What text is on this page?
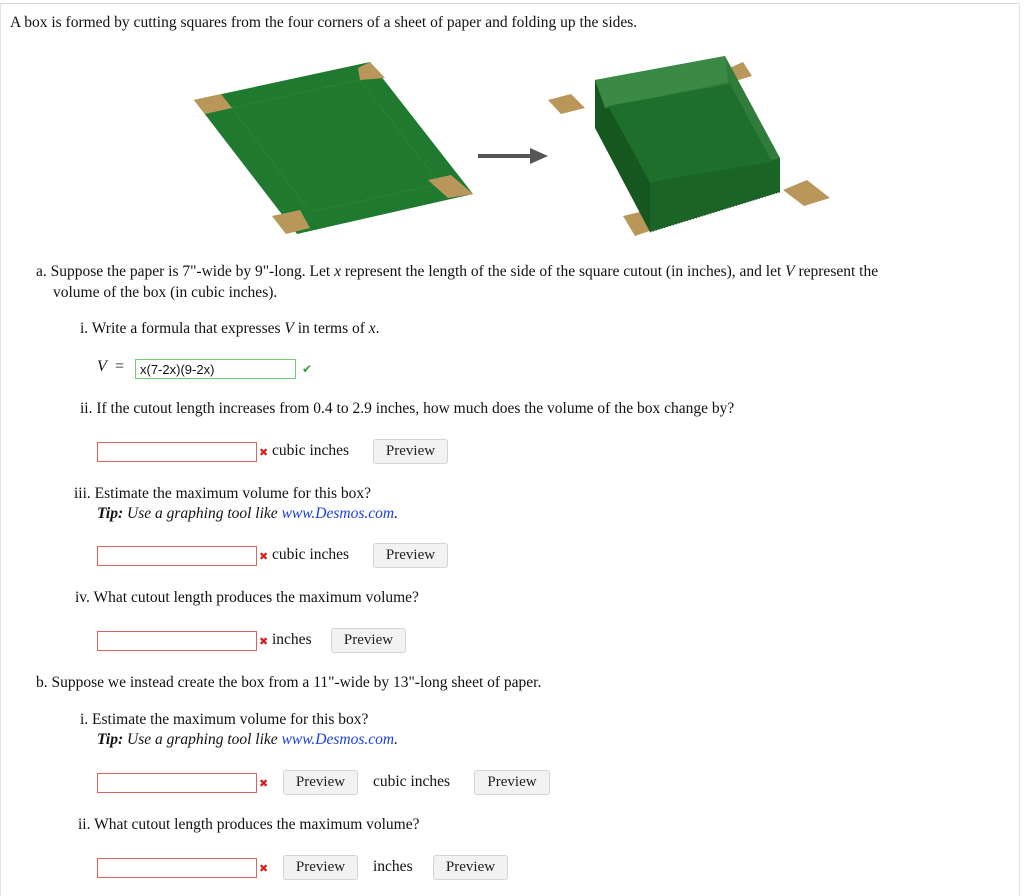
A box is formed by cutting squares from the four corners of a sheet of paper and folding up the sides.
a. Suppose the paper is 7"-wide by 9"-long. Let x represent the length of the side of the square cutout (in inches), and let V represent the
volume of the box (in cubic inches).
i. Write a formula that expresses V in terms of x.
V =
x(7-2x)(9-2x)	✔
ii. If the cutout length increases from 0.4 to 2.9 inches, how much does the volume of the box change by?
✖ cubic inches	Preview
iii. Estimate the maximum volume for this box?
Tip: Use a graphing tool like www.Desmos.com.
✖ cubic inches	Preview
iv. What cutout length produces the maximum volume?
✖ inches	Preview
b. Suppose we instead create the box from a 11"-wide by 13"-long sheet of paper.
i. Estimate the maximum volume for this box?
Tip: Use a graphing tool like www.Desmos.com.
✖	Preview	cubic inches	Preview
ii. What cutout length produces the maximum volume?
✖	Preview	inches	Preview
